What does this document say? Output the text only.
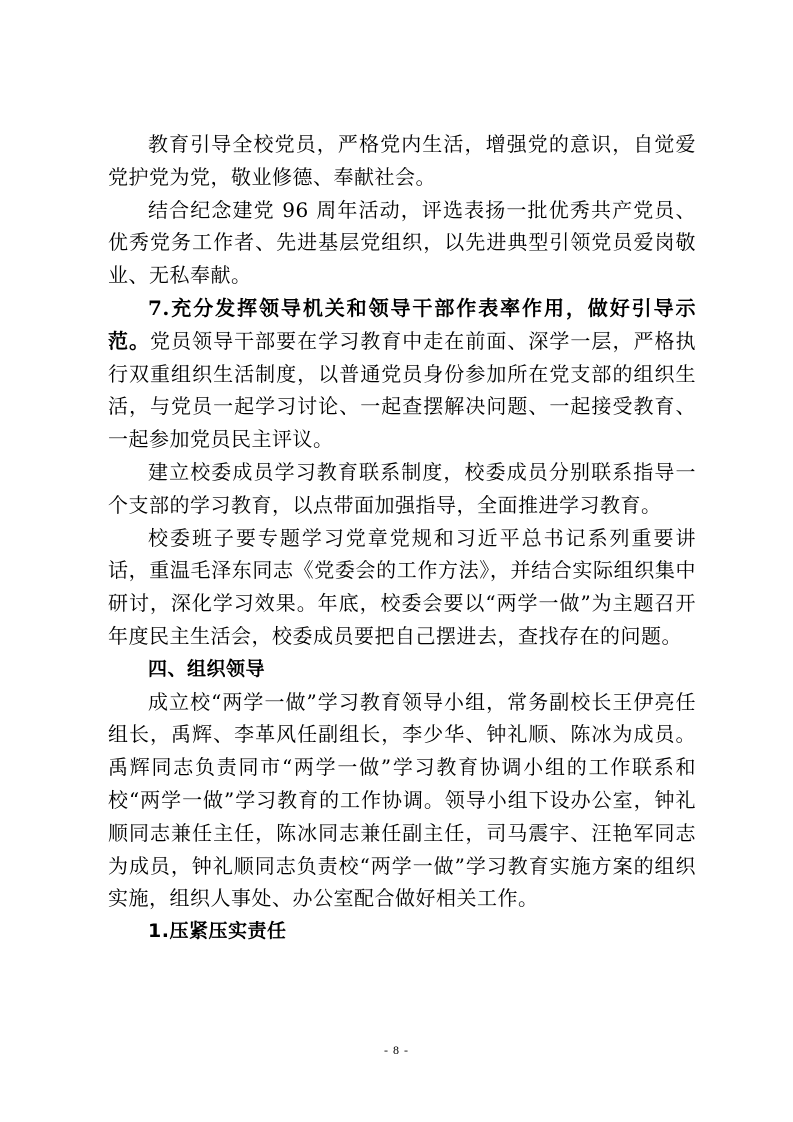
教育引导全校党员，严格党内生活，增强党的意识，自觉爱党护党为党，敬业修德、奉献社会。

结合纪念建党 96 周年活动，评选表扬一批优秀共产党员、优秀党务工作者、先进基层党组织，以先进典型引领党员爱岗敬业、无私奉献。

7.充分发挥领导机关和领导干部作表率作用，做好引导示范。党员领导干部要在学习教育中走在前面、深学一层，严格执行双重组织生活制度，以普通党员身份参加所在党支部的组织生活，与党员一起学习讨论、一起查摆解决问题、一起接受教育、一起参加党员民主评议。

建立校委成员学习教育联系制度，校委成员分别联系指导一个支部的学习教育，以点带面加强指导，全面推进学习教育。

校委班子要专题学习党章党规和习近平总书记系列重要讲话，重温毛泽东同志《党委会的工作方法》，并结合实际组织集中研讨，深化学习效果。年底，校委会要以“两学一做”为主题召开年度民主生活会，校委成员要把自己摆进去，查找存在的问题。

四、组织领导

成立校“两学一做”学习教育领导小组，常务副校长王伊亮任组长，禹辉、李革风任副组长，李少华、钟礼顺、陈冰为成员。禹辉同志负责同市“两学一做”学习教育协调小组的工作联系和校“两学一做”学习教育的工作协调。领导小组下设办公室，钟礼顺同志兼任主任，陈冰同志兼任副主任，司马震宇、汪艳军同志为成员，钟礼顺同志负责校“两学一做”学习教育实施方案的组织实施，组织人事处、办公室配合做好相关工作。

1.压紧压实责任

- 8 -
